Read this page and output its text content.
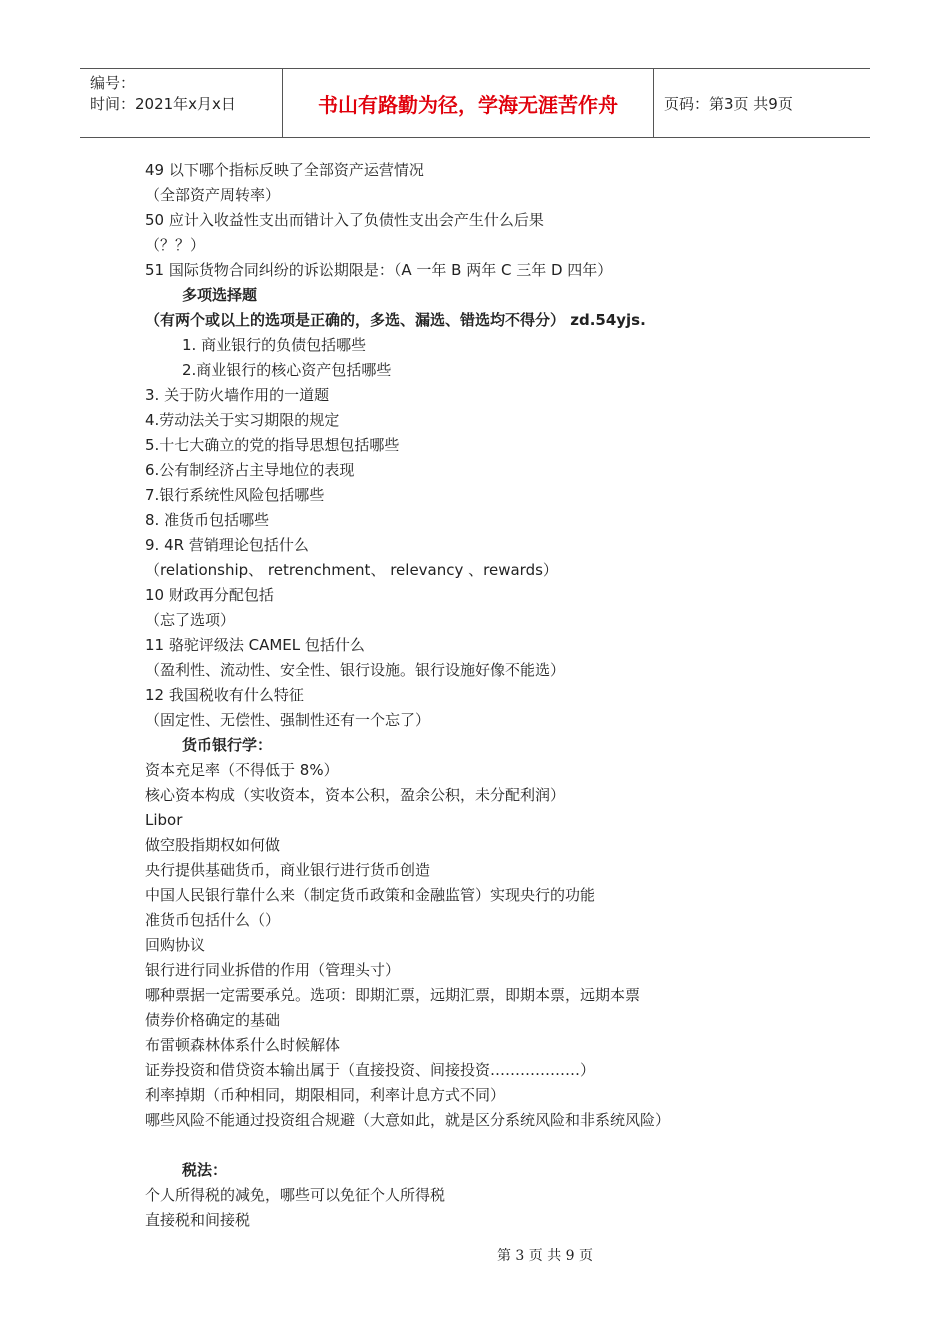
编号：
时间：2021年x月x日	书山有路勤为径，学海无涯苦作舟	页码：第3页 共9页
49 以下哪个指标反映了全部资产运营情况
（全部资产周转率）
50 应计入收益性支出而错计入了负债性支出会产生什么后果
（？？）
51 国际货物合同纠纷的诉讼期限是：（A 一年 B 两年 C 三年 D 四年）
多项选择题
（有两个或以上的选项是正确的，多选、漏选、错选均不得分） zd.54yjs.
1. 商业银行的负债包括哪些
2.商业银行的核心资产包括哪些
3. 关于防火墙作用的一道题
4.劳动法关于实习期限的规定
5.十七大确立的党的指导思想包括哪些
6.公有制经济占主导地位的表现
7.银行系统性风险包括哪些
8. 准货币包括哪些
9. 4R 营销理论包括什么
（relationship、 retrenchment、 relevancy 、rewards）
10 财政再分配包括
（忘了选项）
11 骆驼评级法 CAMEL 包括什么
（盈利性、流动性、安全性、银行设施。银行设施好像不能选）
12 我国税收有什么特征
（固定性、无偿性、强制性还有一个忘了）
货币银行学：
资本充足率（不得低于 8%）
核心资本构成（实收资本，资本公积，盈余公积，未分配利润）
Libor
做空股指期权如何做
央行提供基础货币，商业银行进行货币创造
中国人民银行靠什么来（制定货币政策和金融监管）实现央行的功能
准货币包括什么（）
回购协议
银行进行同业拆借的作用（管理头寸）
哪种票据一定需要承兑。选项：即期汇票，远期汇票，即期本票，远期本票
债券价格确定的基础
布雷顿森林体系什么时候解体
证券投资和借贷资本输出属于（直接投资、间接投资………………）
利率掉期（币种相同，期限相同，利率计息方式不同）
哪些风险不能通过投资组合规避（大意如此，就是区分系统风险和非系统风险）
税法：
个人所得税的减免，哪些可以免征个人所得税
直接税和间接税
第 3 页 共 9 页
